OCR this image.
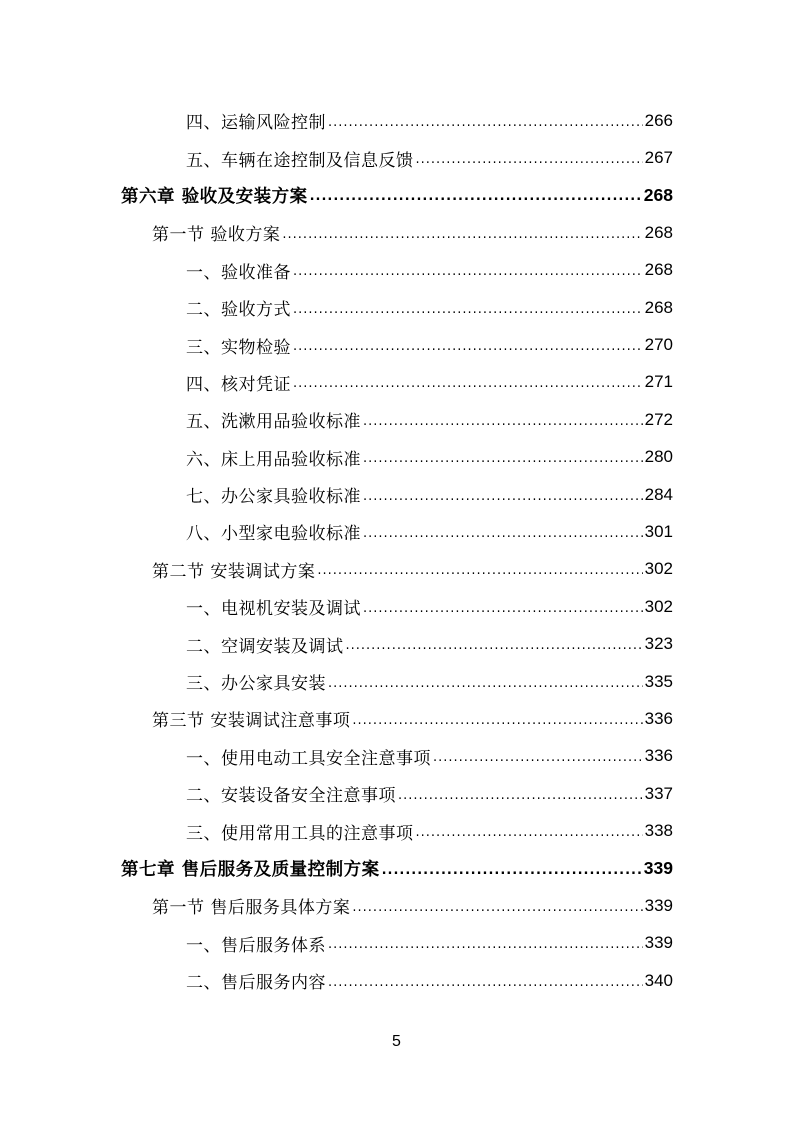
四、运输风险控制 .....	266
五、车辆在途控制及信息反馈 .....	267
第六章 验收及安装方案 .....	268
第一节 验收方案 .....	268
一、验收准备 .....	268
二、验收方式 .....	268
三、实物检验 .....	270
四、核对凭证 .....	271
五、洗漱用品验收标准 .....	272
六、床上用品验收标准 .....	280
七、办公家具验收标准 .....	284
八、小型家电验收标准 .....	301
第二节 安装调试方案 .....	302
一、电视机安装及调试 .....	302
二、空调安装及调试 .....	323
三、办公家具安装 .....	335
第三节 安装调试注意事项 .....	336
一、使用电动工具安全注意事项 .....	336
二、安装设备安全注意事项 .....	337
三、使用常用工具的注意事项 .....	338
第七章 售后服务及质量控制方案 .....	339
第一节 售后服务具体方案 .....	339
一、售后服务体系 .....	339
二、售后服务内容 .....	340
5
